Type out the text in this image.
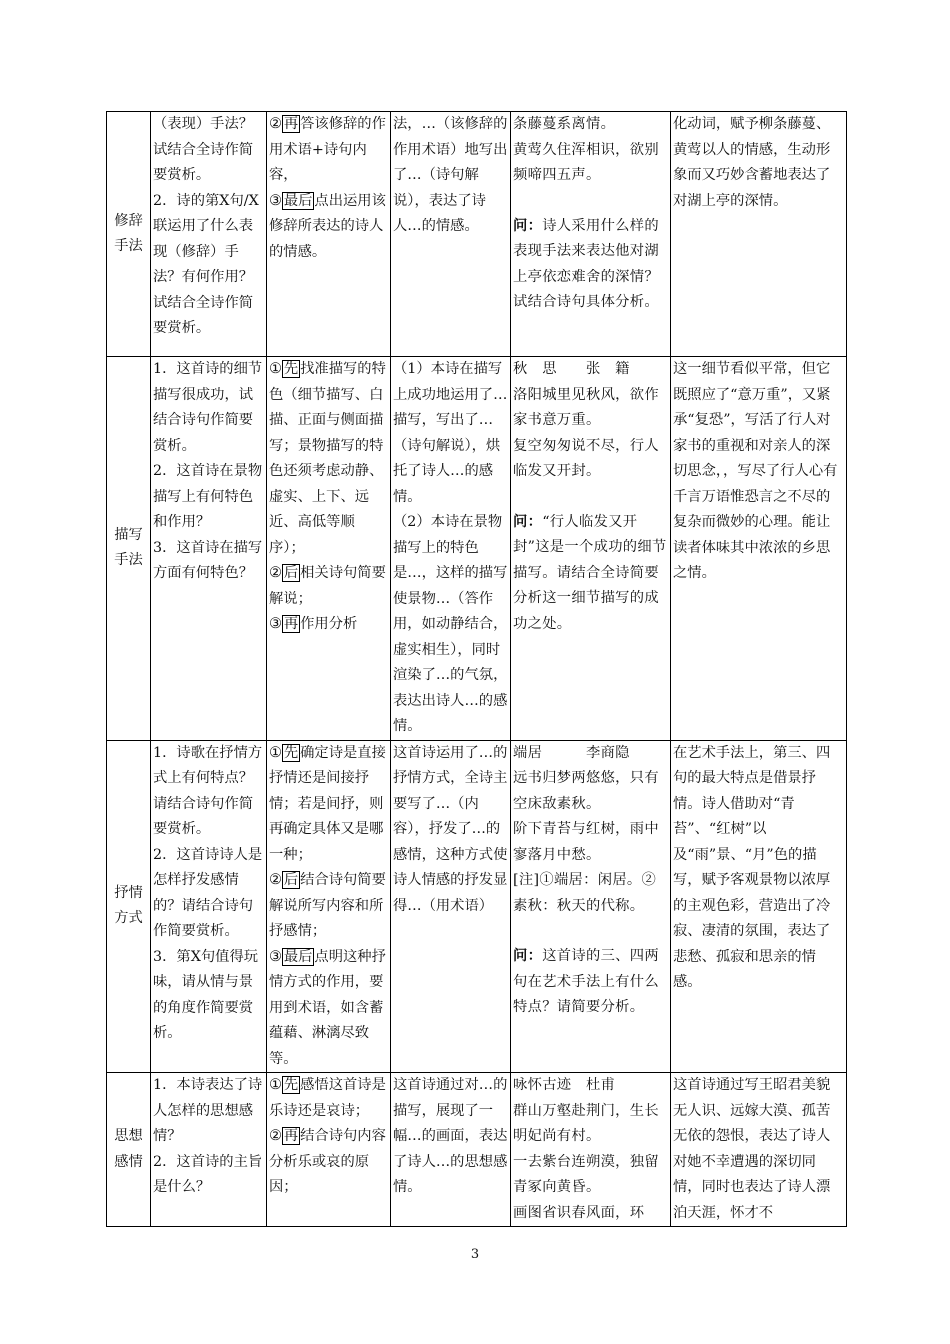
修辞
手法	（表现）手法？试结合全诗作简要赏析。
2．诗的第X句/X联运用了什么表现（修辞）手法？有何作用？试结合全诗作简要赏析。	② 再 答该修辞的作用术语+诗句内容，
③ 最后 点出运用该修辞所表达的诗人的情感。	法，…（该修辞的作用术语）地写出了…（诗句解说），表达了诗人…的情感。	条藤蔓系离情。
黄莺久住浑相识，欲别频啼四五声。
问：诗人采用什么样的表现手法来表达他对湖上亭依恋难舍的深情？试结合诗句具体分析。	化动词，赋予柳条藤蔓、黄莺以人的情感，生动形象而又巧妙含蓄地表达了对湖上亭的深情。

描写
手法	1．这首诗的细节描写很成功，试结合诗句作简要赏析。
2．这首诗在景物描写上有何特色和作用？
3．这首诗在描写方面有何特色？	① 先 找准描写的特色（细节描写、白描、正面与侧面描写；景物描写的特色还须考虑动静、虚实、上下、远近、高低等顺序）；
② 后 相关诗句简要解说；
③ 再 作用分析	（1）本诗在描写上成功地运用了…描写，写出了…（诗句解说），烘托了诗人…的感情。
（2）本诗在景物描写上的特色是…，这样的描写使景物…（答作用，如动静结合，虚实相生），同时渲染了…的气氛，表达出诗人…的感情。	秋　思　　张　籍
洛阳城里见秋风，欲作家书意万重。
复空匆匆说不尽，行人临发又开封。
问：“行人临发又开封”这是一个成功的细节描写。请结合全诗简要分析这一细节描写的成功之处。	这一细节看似平常，但它既照应了“意万重”，又紧承“复恐”，写活了行人对家书的重视和对亲人的深切思念，，写尽了行人心有千言万语惟恐言之不尽的复杂而微妙的心理。能让读者体味其中浓浓的乡思之情。

抒情
方式	1．诗歌在抒情方式上有何特点？请结合诗句作简要赏析。
2．这首诗诗人是怎样抒发感情的？请结合诗句作简要赏析。
3．第X句值得玩味，请从情与景的角度作简要赏析。	① 先 确定诗是直接抒情还是间接抒情；若是间抒，则再确定具体又是哪一种；
② 后 结合诗句简要解说所写内容和所抒感情；
③ 最后 点明这种抒情方式的作用，要用到术语，如含蓄蕴藉、淋漓尽致等。	这首诗运用了…的抒情方式，全诗主要写了…（内容），抒发了…的感情，这种方式使诗人情感的抒发显得…（用术语）	端居　　　李商隐
远书归梦两悠悠，只有空床敌素秋。
阶下青苔与红树，雨中寥落月中愁。
[注]①端居：闲居。②素秋：秋天的代称。
问：这首诗的三、四两句在艺术手法上有什么特点？请简要分析。	在艺术手法上，第三、四句的最大特点是借景抒情。诗人借助对“青苔”、“红树”以及“雨”景、“月”色的描写，赋予客观景物以浓厚的主观色彩，营造出了冷寂、凄清的氛围，表达了悲愁、孤寂和思亲的情感。

思想
感情	1．本诗表达了诗人怎样的思想感情？
2．这首诗的主旨是什么？	① 先 感悟这首诗是乐诗还是哀诗；
② 再 结合诗句内容分析乐或哀的原因；	这首诗通过对…的描写，展现了一幅…的画面，表达了诗人…的思想感情。	咏怀古迹　杜甫
群山万壑赴荆门，生长明妃尚有村。
一去紫台连朔漠，独留青冢向黄昏。
画图省识春风面，环	这首诗通过写王昭君美貌无人识、远嫁大漠、孤苦无依的怨恨，表达了诗人对她不幸遭遇的深切同情，同时也表达了诗人漂泊天涯，怀才不
3
